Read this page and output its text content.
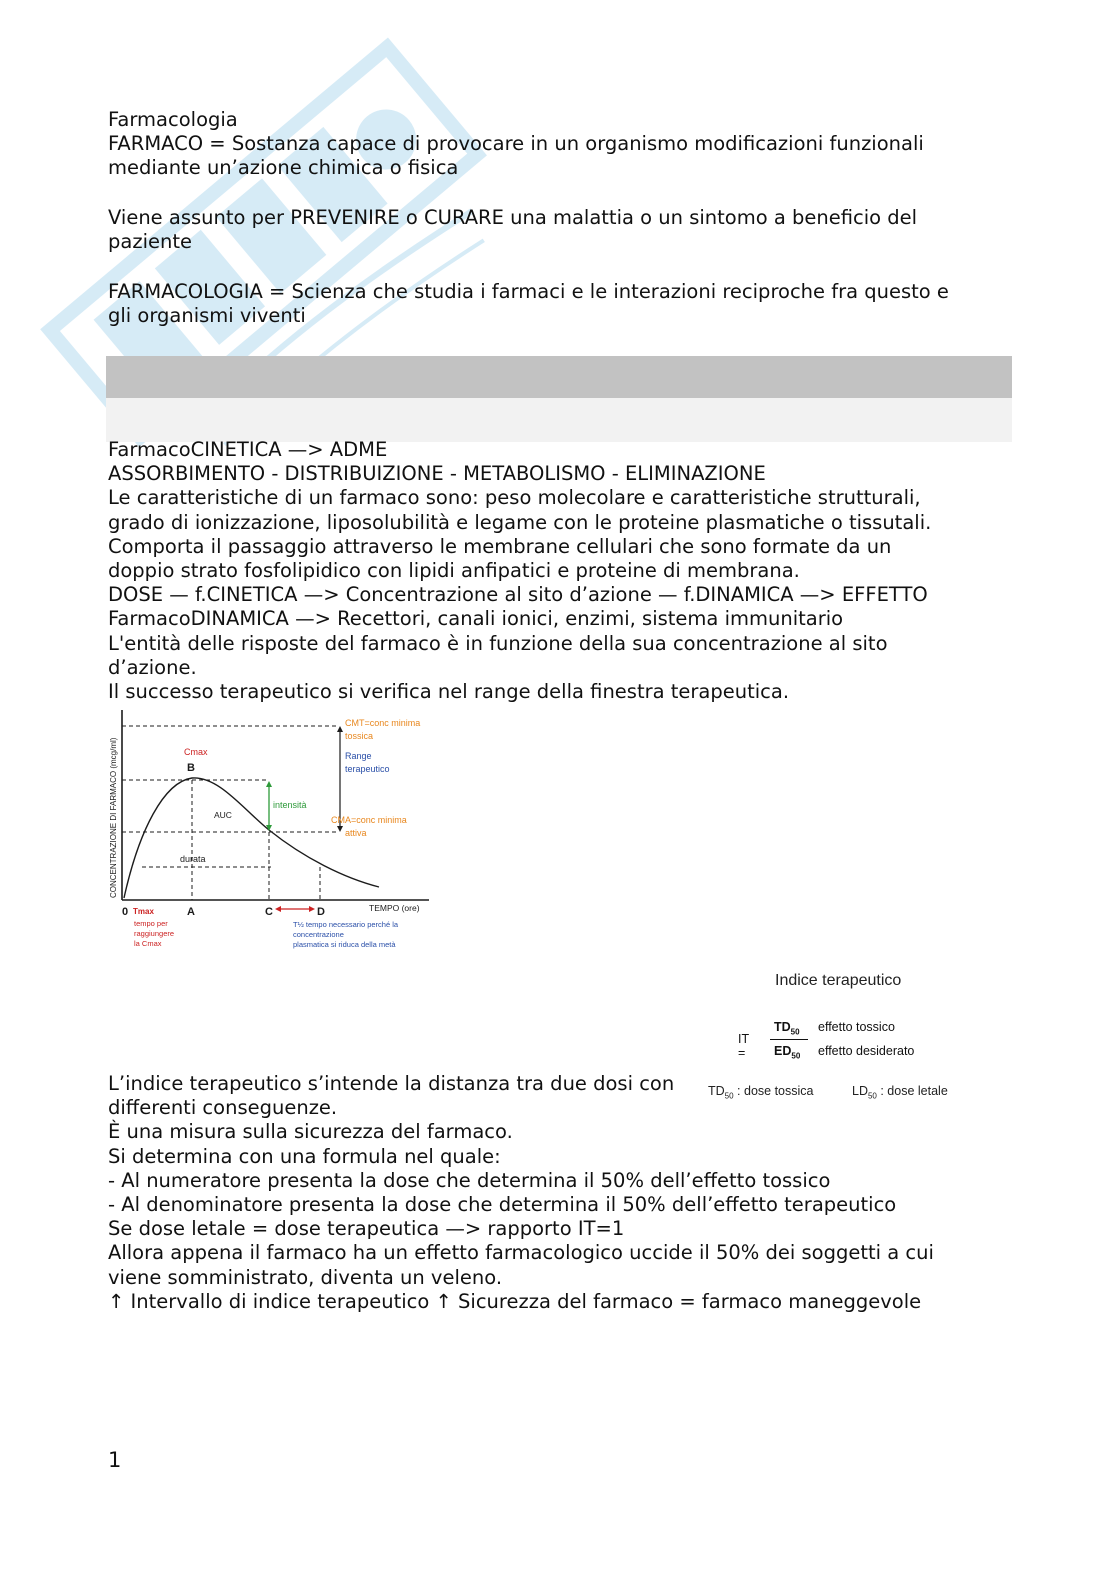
Farmacologia
FARMACO = Sostanza capace di provocare in un organismo modificazioni funzionali
mediante un’azione chimica o fisica
Viene assunto per PREVENIRE o CURARE una malattia o un sintomo a beneficio del
paziente
FARMACOLOGIA = Scienza che studia i farmaci e le interazioni reciproche fra questo e
gli organismi viventi
FarmacoCINETICA —> ADME
ASSORBIMENTO - DISTRIBUIZIONE - METABOLISMO - ELIMINAZIONE
Le caratteristiche di un farmaco sono: peso molecolare e caratteristiche strutturali,
grado di ionizzazione, liposolubilità e legame con le proteine plasmatiche o tissutali.
Comporta il passaggio attraverso le membrane cellulari che sono formate da un
doppio strato fosfolipidico con lipidi anfipatici e proteine di membrana.
DOSE — f.CINETICA —> Concentrazione al sito d’azione — f.DINAMICA —> EFFETTO
FarmacoDINAMICA —> Recettori, canali ionici, enzimi, sistema immunitario
L'entità delle risposte del farmaco è in funzione della sua concentrazione al sito
d’azione.
Il successo terapeutico si verifica nel range della finestra terapeutica.
CONCENTRAZIONE DI FARMACO (mcg/ml)
TEMPO (ore)
Cmax
B
AUC
durata
intensità
CMT=conc minima
tossica
Range
terapeutico
CMA=conc minima
attiva
0	A	C	D
Tmax
tempo per
raggiungere
la Cmax
T½ tempo necessario perché la
concentrazione
plasmatica si riduca della metà
Indice terapeutico
IT =
$TD_{50}$
$ED_{50}$
effetto tossico
effetto desiderato
$TD_{50}$ : dose tossica	$LD_{50}$ : dose letale
L’indice terapeutico s’intende la distanza tra due dosi con
differenti conseguenze.
È una misura sulla sicurezza del farmaco.
Si determina con una formula nel quale:
- Al numeratore presenta la dose che determina il 50% dell’effetto tossico
- Al denominatore presenta la dose che determina il 50% dell’effetto terapeutico
Se dose letale = dose terapeutica —> rapporto IT=1
Allora appena il farmaco ha un effetto farmacologico uccide il 50% dei soggetti a cui
viene somministrato, diventa un veleno.
↑ Intervallo di indice terapeutico ↑ Sicurezza del farmaco = farmaco maneggevole
1
